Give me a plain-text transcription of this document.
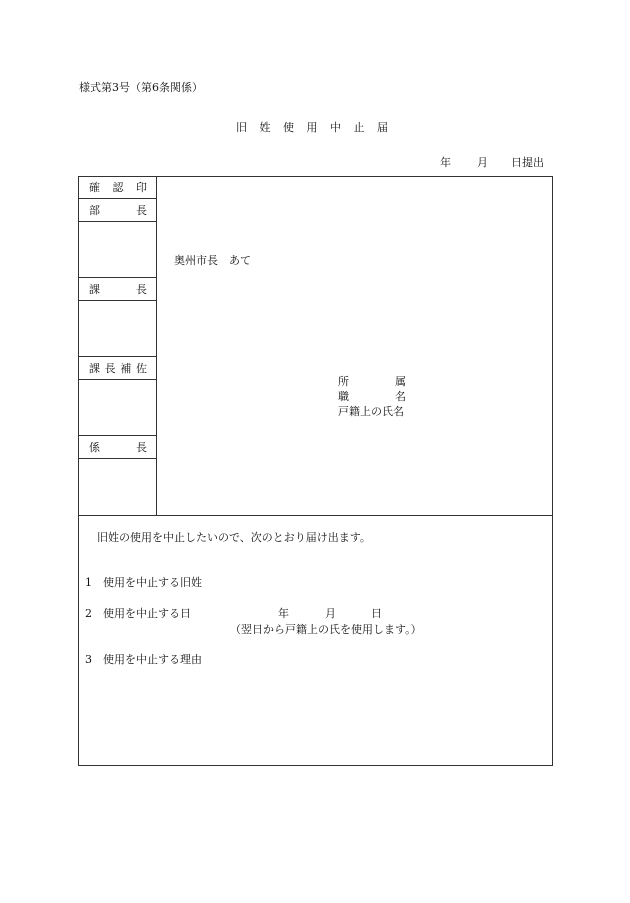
様式第3号（第6条関係）
旧 姓 使 用 中 止 届
年 月 日提出
確 認 印
部	長
課	長
課 長 補 佐
係	長
奥州市長　あて
所	属
職	名
戸籍上の氏名
旧姓の使用を中止したいので、次のとおり届け出ます。
1　使用を中止する旧姓
2　使用を中止する日	年	月	日
（翌日から戸籍上の氏を使用します。）
3　使用を中止する理由
